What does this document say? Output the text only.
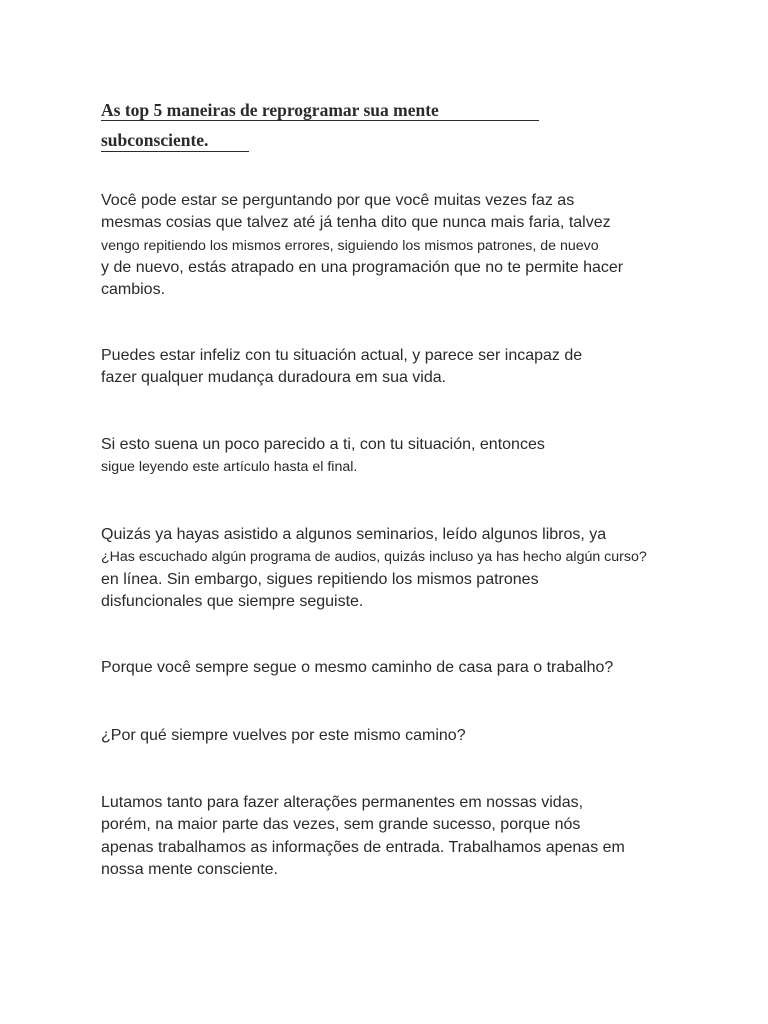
As top 5 maneiras de reprogramar sua mente
subconsciente.
Você pode estar se perguntando por que você muitas vezes faz as
mesmas cosias que talvez até já tenha dito que nunca mais faria, talvez
vengo repitiendo los mismos errores, siguiendo los mismos patrones, de nuevo
y de nuevo, estás atrapado en una programación que no te permite hacer
cambios.
Puedes estar infeliz con tu situación actual, y parece ser incapaz de
fazer qualquer mudança duradoura em sua vida.
Si esto suena un poco parecido a ti, con tu situación, entonces
sigue leyendo este artículo hasta el final.
Quizás ya hayas asistido a algunos seminarios, leído algunos libros, ya
¿Has escuchado algún programa de audios, quizás incluso ya has hecho algún curso?
en línea. Sin embargo, sigues repitiendo los mismos patrones
disfuncionales que siempre seguiste.
Porque você sempre segue o mesmo caminho de casa para o trabalho?
¿Por qué siempre vuelves por este mismo camino?
Lutamos tanto para fazer alterações permanentes em nossas vidas,
porém, na maior parte das vezes, sem grande sucesso, porque nós
apenas trabalhamos as informações de entrada. Trabalhamos apenas em
nossa mente consciente.
